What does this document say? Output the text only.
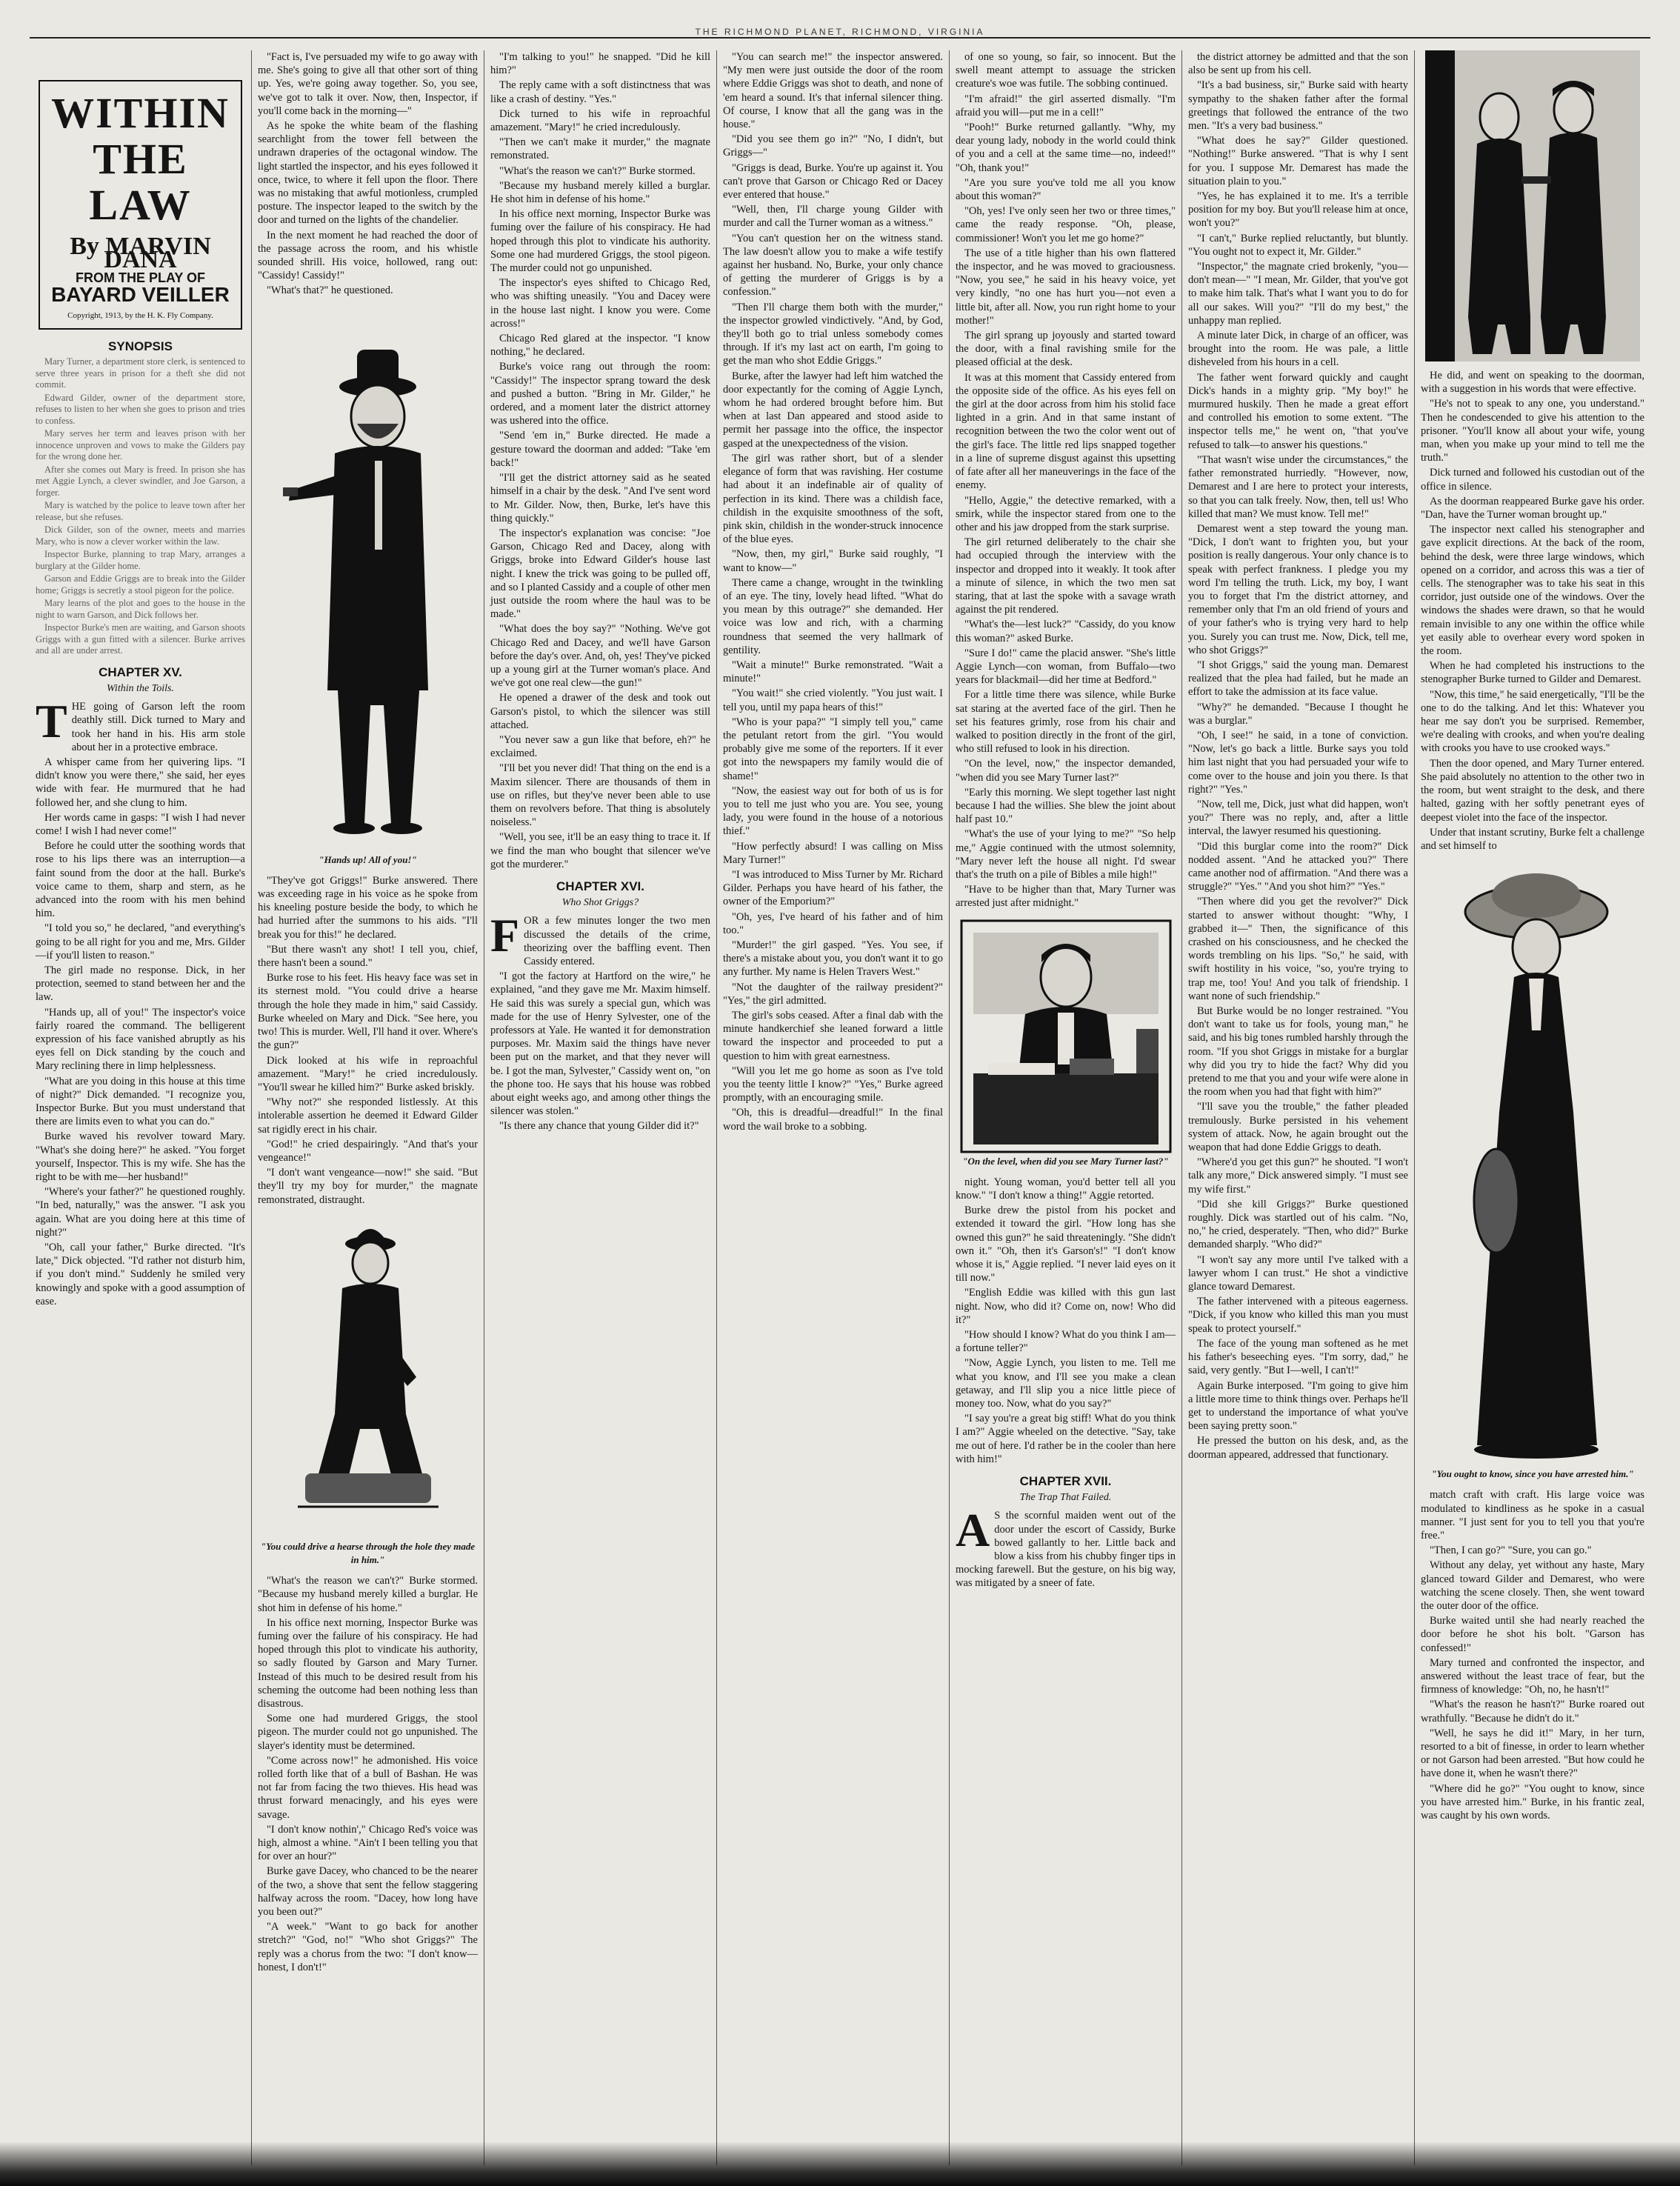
THE RICHMOND PLANET, RICHMOND, VIRGINIA
WITHIN
THE LAW
By MARVIN DANA
FROM THE PLAY OF
BAYARD VEILLER
Copyright, 1913, by the H. K. Fly Company.
SYNOPSIS

Mary Turner, a department store clerk, is sentenced to serve three years in prison for a theft she did not commit.

Edward Gilder, owner of the department store, refuses to listen to her when she goes to prison and tries to confess.

Mary serves her term and leaves prison with her innocence unproven and vows to make the Gilders pay for the wrong done her.

After she comes out Mary is freed. In prison she has met Aggie Lynch, a clever swindler, and Joe Garson, a forger.

Mary is watched by the police to leave town after her release, but she refuses.

Dick Gilder, son of the owner, meets and marries Mary, who is now a clever worker within the law.

Inspector Burke, planning to trap Mary, arranges a burglary at the Gilder home.

Garson and Eddie Griggs are to break into the Gilder home; Griggs is secretly a stool pigeon for the police.

Mary learns of the plot and goes to the house in the night to warn Garson, and Dick follows her.

Inspector Burke's men are waiting, and Garson shoots Griggs with a gun fitted with a silencer. Burke arrives and all are under arrest.

CHAPTER XV.
Within the Toils.
T HE going of Garson left the room deathly still. Dick turned to Mary and took her hand in his. His arm stole about her in a protective embrace.

A whisper came from her quivering lips. "I didn't know you were there," she said, her eyes wide with fear. He murmured that he had followed her, and she clung to him.

Her words came in gasps: "I wish I had never come! I wish I had never come!"

Before he could utter the soothing words that rose to his lips there was an interruption—a faint sound from the door at the hall. Burke's voice came to them, sharp and stern, as he advanced into the room with his men behind him.

"I told you so," he declared, "and everything's going to be all right for you and me, Mrs. Gilder—if you'll listen to reason."

The girl made no response. Dick, in her protection, seemed to stand between her and the law.

"Hands up, all of you!" The inspector's voice fairly roared the command. The belligerent expression of his face vanished abruptly as his eyes fell on Dick standing by the couch and Mary reclining there in limp helplessness.

"What are you doing in this house at this time of night?" Dick demanded. "I recognize you, Inspector Burke. But you must understand that there are limits even to what you can do."

Burke waved his revolver toward Mary. "What's she doing here?" he asked. "You forget yourself, Inspector. This is my wife. She has the right to be with me—her husband!"

"Where's your father?" he questioned roughly. "In bed, naturally," was the answer. "I ask you again. What are you doing here at this time of night?"

"Oh, call your father," Burke directed. "It's late," Dick objected. "I'd rather not disturb him, if you don't mind." Suddenly he smiled very knowingly and spoke with a good assumption of ease.

"Fact is, I've persuaded my wife to go away with me. She's going to give all that other sort of thing up. Yes, we're going away together. So, you see, we've got to talk it over. Now, then, Inspector, if you'll come back in the morning—"

As he spoke the white beam of the flashing searchlight from the tower fell between the undrawn draperies of the octagonal window. The light startled the inspector, and his eyes followed it once, twice, to where it fell upon the floor. There was no mistaking that awful motionless, crumpled posture. The inspector leaped to the switch by the door and turned on the lights of the chandelier.

In the next moment he had reached the door of the passage across the room, and his whistle sounded shrill. His voice, hollowed, rang out: "Cassidy! Cassidy!"

"What's that?" he questioned.

"Hands up! All of you!"

"They've got Griggs!" Burke answered. There was exceeding rage in his voice as he spoke from his kneeling posture beside the body, to which he had hurried after the summons to his aids. "I'll break you for this!" he declared.

"But there wasn't any shot! I tell you, chief, there hasn't been a sound."

Burke rose to his feet. His heavy face was set in its sternest mold. "You could drive a hearse through the hole they made in him," said Cassidy. Burke wheeled on Mary and Dick. "See here, you two! This is murder. Well, I'll hand it over. Where's the gun?"

Dick looked at his wife in reproachful amazement. "Mary!" he cried incredulously. "You'll swear he killed him?" Burke asked briskly.

"Why not?" she responded listlessly. At this intolerable assertion he deemed it Edward Gilder sat rigidly erect in his chair.

"God!" he cried despairingly. "And that's your vengeance!"

"I don't want vengeance—now!" she said. "But they'll try my boy for murder," the magnate remonstrated, distraught.

"You could drive a hearse through the hole they made in him."

"What's the reason we can't?" Burke stormed. "Because my husband merely killed a burglar. He shot him in defense of his home."

In his office next morning, Inspector Burke was fuming over the failure of his conspiracy. He had hoped through this plot to vindicate his authority, so sadly flouted by Garson and Mary Turner. Instead of this much to be desired result from his scheming the outcome had been nothing less than disastrous.

Some one had murdered Griggs, the stool pigeon. The murder could not go unpunished. The slayer's identity must be determined.

"Come across now!" he admonished. His voice rolled forth like that of a bull of Bashan. He was not far from facing the two thieves. His head was thrust forward menacingly, and his eyes were savage.

"I don't know nothin'," Chicago Red's voice was high, almost a whine. "Ain't I been telling you that for over an hour?"

Burke gave Dacey, who chanced to be the nearer of the two, a shove that sent the fellow staggering halfway across the room. "Dacey, how long have you been out?"

"A week." "Want to go back for another stretch?" "God, no!" "Who shot Griggs?" The reply was a chorus from the two: "I don't know—honest, I don't!"

"I'm talking to you!" he snapped. "Did he kill him?"

The reply came with a soft distinctness that was like a crash of destiny. "Yes."

Dick turned to his wife in reproachful amazement. "Mary!" he cried incredulously.

"Then we can't make it murder," the magnate remonstrated.

"What's the reason we can't?" Burke stormed.

"Because my husband merely killed a burglar. He shot him in defense of his home."

In his office next morning, Inspector Burke was fuming over the failure of his conspiracy. He had hoped through this plot to vindicate his authority. Some one had murdered Griggs, the stool pigeon. The murder could not go unpunished.

The inspector's eyes shifted to Chicago Red, who was shifting uneasily. "You and Dacey were in the house last night. I know you were. Come across!"

Chicago Red glared at the inspector. "I know nothing," he declared.

Burke's voice rang out through the room: "Cassidy!" The inspector sprang toward the desk and pushed a button. "Bring in Mr. Gilder," he ordered, and a moment later the district attorney was ushered into the office.

"Send 'em in," Burke directed. He made a gesture toward the doorman and added: "Take 'em back!"

"I'll get the district attorney said as he seated himself in a chair by the desk. "And I've sent word to Mr. Gilder. Now, then, Burke, let's have this thing quickly."

The inspector's explanation was concise: "Joe Garson, Chicago Red and Dacey, along with Griggs, broke into Edward Gilder's house last night. I knew the trick was going to be pulled off, and so I planted Cassidy and a couple of other men just outside the room where the haul was to be made."

"What does the boy say?" "Nothing. We've got Chicago Red and Dacey, and we'll have Garson before the day's over. And, oh, yes! They've picked up a young girl at the Turner woman's place. And we've got one real clew—the gun!"

He opened a drawer of the desk and took out Garson's pistol, to which the silencer was still attached.

"You never saw a gun like that before, eh?" he exclaimed.

"I'll bet you never did! That thing on the end is a Maxim silencer. There are thousands of them in use on rifles, but they've never been able to use them on revolvers before. That thing is absolutely noiseless."

"Well, you see, it'll be an easy thing to trace it. If we find the man who bought that silencer we've got the murderer."

CHAPTER XVI.
Who Shot Griggs?
F OR a few minutes longer the two men discussed the details of the crime, theorizing over the baffling event. Then Cassidy entered.

"I got the factory at Hartford on the wire," he explained, "and they gave me Mr. Maxim himself. He said this was surely a special gun, which was made for the use of Henry Sylvester, one of the professors at Yale. He wanted it for demonstration purposes. Mr. Maxim said the things have never been put on the market, and that they never will be. I got the man, Sylvester," Cassidy went on, "on the phone too. He says that his house was robbed about eight weeks ago, and among other things the silencer was stolen."

"Is there any chance that young Gilder did it?"

"You can search me!" the inspector answered. "My men were just outside the door of the room where Eddie Griggs was shot to death, and none of 'em heard a sound. It's that infernal silencer thing. Of course, I know that all the gang was in the house."

"Did you see them go in?" "No, I didn't, but Griggs—"

"Griggs is dead, Burke. You're up against it. You can't prove that Garson or Chicago Red or Dacey ever entered that house."

"Well, then, I'll charge young Gilder with murder and call the Turner woman as a witness."

"You can't question her on the witness stand. The law doesn't allow you to make a wife testify against her husband. No, Burke, your only chance of getting the murderer of Griggs is by a confession."

"Then I'll charge them both with the murder," the inspector growled vindictively. "And, by God, they'll both go to trial unless somebody comes through. If it's my last act on earth, I'm going to get the man who shot Eddie Griggs."

Burke, after the lawyer had left him watched the door expectantly for the coming of Aggie Lynch, whom he had ordered brought before him. But when at last Dan appeared and stood aside to permit her passage into the office, the inspector gasped at the unexpectedness of the vision.

The girl was rather short, but of a slender elegance of form that was ravishing. Her costume had about it an indefinable air of quality of perfection in its kind. There was a childish face, childish in the exquisite smoothness of the soft, pink skin, childish in the wonder-struck innocence of the blue eyes.

"Now, then, my girl," Burke said roughly, "I want to know—"

There came a change, wrought in the twinkling of an eye. The tiny, lovely head lifted. "What do you mean by this outrage?" she demanded. Her voice was low and rich, with a charming roundness that seemed the very hallmark of gentility.

"Wait a minute!" Burke remonstrated. "Wait a minute!"

"You wait!" she cried violently. "You just wait. I tell you, until my papa hears of this!"

"Who is your papa?" "I simply tell you," came the petulant retort from the girl. "You would probably give me some of the reporters. If it ever got into the newspapers my family would die of shame!"

"Now, the easiest way out for both of us is for you to tell me just who you are. You see, young lady, you were found in the house of a notorious thief."

"How perfectly absurd! I was calling on Miss Mary Turner!"

"I was introduced to Miss Turner by Mr. Richard Gilder. Perhaps you have heard of his father, the owner of the Emporium?"

"Oh, yes, I've heard of his father and of him too."

"Murder!" the girl gasped. "Yes. You see, if there's a mistake about you, you don't want it to go any further. My name is Helen Travers West."

"Not the daughter of the railway president?" "Yes," the girl admitted.

The girl's sobs ceased. After a final dab with the minute handkerchief she leaned forward a little toward the inspector and proceeded to put a question to him with great earnestness.

"Will you let me go home as soon as I've told you the teenty little I know?" "Yes," Burke agreed promptly, with an encouraging smile.

"Oh, this is dreadful—dreadful!" In the final word the wail broke to a sobbing.

of one so young, so fair, so innocent. But the swell meant attempt to assuage the stricken creature's woe was futile. The sobbing continued.

"I'm afraid!" the girl asserted dismally. "I'm afraid you will—put me in a cell!"

"Pooh!" Burke returned gallantly. "Why, my dear young lady, nobody in the world could think of you and a cell at the same time—no, indeed!" "Oh, thank you!"

"Are you sure you've told me all you know about this woman?"

"Oh, yes! I've only seen her two or three times," came the ready response. "Oh, please, commissioner! Won't you let me go home?"

The use of a title higher than his own flattered the inspector, and he was moved to graciousness. "Now, you see," he said in his heavy voice, yet very kindly, "no one has hurt you—not even a little bit, after all. Now, you run right home to your mother!"

The girl sprang up joyously and started toward the door, with a final ravishing smile for the pleased official at the desk.

It was at this moment that Cassidy entered from the opposite side of the office. As his eyes fell on the girl at the door across from him his stolid face lighted in a grin. And in that same instant of recognition between the two the color went out of the girl's face. The little red lips snapped together in a line of supreme disgust against this upsetting of fate after all her maneuverings in the face of the enemy.

"Hello, Aggie," the detective remarked, with a smirk, while the inspector stared from one to the other and his jaw dropped from the stark surprise.

The girl returned deliberately to the chair she had occupied through the interview with the inspector and dropped into it weakly. It took after a minute of silence, in which the two men sat staring, that at last the spoke with a savage wrath against the pit rendered.

"What's the—lest luck?" "Cassidy, do you know this woman?" asked Burke.

"Sure I do!" came the placid answer. "She's little Aggie Lynch—con woman, from Buffalo—two years for blackmail—did her time at Bedford."

For a little time there was silence, while Burke sat staring at the averted face of the girl. Then he set his features grimly, rose from his chair and walked to position directly in the front of the girl, who still refused to look in his direction.

"On the level, now," the inspector demanded, "when did you see Mary Turner last?"

"Early this morning. We slept together last night because I had the willies. She blew the joint about half past 10."

"What's the use of your lying to me?" "So help me," Aggie continued with the utmost solemnity, "Mary never left the house all night. I'd swear that's the truth on a pile of Bibles a mile high!"

"Have to be higher than that, Mary Turner was arrested just after midnight."

"On the level, when did you see Mary Turner last?"

night. Young woman, you'd better tell all you know." "I don't know a thing!" Aggie retorted.

Burke drew the pistol from his pocket and extended it toward the girl. "How long has she owned this gun?" he said threateningly. "She didn't own it." "Oh, then it's Garson's!" "I don't know whose it is," Aggie replied. "I never laid eyes on it till now."

"English Eddie was killed with this gun last night. Now, who did it? Come on, now! Who did it?"

"How should I know? What do you think I am—a fortune teller?"

"Now, Aggie Lynch, you listen to me. Tell me what you know, and I'll see you make a clean getaway, and I'll slip you a nice little piece of money too. Now, what do you say?"

"I say you're a great big stiff! What do you think I am?" Aggie wheeled on the detective. "Say, take me out of here. I'd rather be in the cooler than here with him!"

CHAPTER XVII.
The Trap That Failed.
A S the scornful maiden went out of the door under the escort of Cassidy, Burke bowed gallantly to her. Little back and blow a kiss from his chubby finger tips in mocking farewell. But the gesture, on his big way, was mitigated by a sneer of fate.

the district attorney be admitted and that the son also be sent up from his cell.

"It's a bad business, sir," Burke said with hearty sympathy to the shaken father after the formal greetings that followed the entrance of the two men. "It's a very bad business."

"What does he say?" Gilder questioned. "Nothing!" Burke answered. "That is why I sent for you. I suppose Mr. Demarest has made the situation plain to you."

"Yes, he has explained it to me. It's a terrible position for my boy. But you'll release him at once, won't you?"

"I can't," Burke replied reluctantly, but bluntly. "You ought not to expect it, Mr. Gilder."

"Inspector," the magnate cried brokenly, "you—don't mean—" "I mean, Mr. Gilder, that you've got to make him talk. That's what I want you to do for all our sakes. Will you?" "I'll do my best," the unhappy man replied.

A minute later Dick, in charge of an officer, was brought into the room. He was pale, a little disheveled from his hours in a cell.

The father went forward quickly and caught Dick's hands in a mighty grip. "My boy!" he murmured huskily. Then he made a great effort and controlled his emotion to some extent. "The inspector tells me," he went on, "that you've refused to talk—to answer his questions."

"That wasn't wise under the circumstances," the father remonstrated hurriedly. "However, now, Demarest and I are here to protect your interests, so that you can talk freely. Now, then, tell us! Who killed that man? We must know. Tell me!"

Demarest went a step toward the young man. "Dick, I don't want to frighten you, but your position is really dangerous. Your only chance is to speak with perfect frankness. I pledge you my word I'm telling the truth. Lick, my boy, I want you to forget that I'm the district attorney, and remember only that I'm an old friend of yours and of your father's who is trying very hard to help you. Surely you can trust me. Now, Dick, tell me, who shot Griggs?"

"I shot Griggs," said the young man. Demarest realized that the plea had failed, but he made an effort to take the admission at its face value.

"Why?" he demanded. "Because I thought he was a burglar."

"Oh, I see!" he said, in a tone of conviction. "Now, let's go back a little. Burke says you told him last night that you had persuaded your wife to come over to the house and join you there. Is that right?" "Yes."

"Now, tell me, Dick, just what did happen, won't you?" There was no reply, and, after a little interval, the lawyer resumed his questioning.

"Did this burglar come into the room?" Dick nodded assent. "And he attacked you?" There came another nod of affirmation. "And there was a struggle?" "Yes." "And you shot him?" "Yes."

"Then where did you get the revolver?" Dick started to answer without thought: "Why, I grabbed it—" Then, the significance of this crashed on his consciousness, and he checked the words trembling on his lips. "So," he said, with swift hostility in his voice, "so, you're trying to trap me, too! You! And you talk of friendship. I want none of such friendship."

But Burke would be no longer restrained. "You don't want to take us for fools, young man," he said, and his big tones rumbled harshly through the room. "If you shot Griggs in mistake for a burglar why did you try to hide the fact? Why did you pretend to me that you and your wife were alone in the room when you had that fight with him?"

"I'll save you the trouble," the father pleaded tremulously. Burke persisted in his vehement system of attack. Now, he again brought out the weapon that had done Eddie Griggs to death.

"Where'd you get this gun?" he shouted. "I won't talk any more," Dick answered simply. "I must see my wife first."

"Did she kill Griggs?" Burke questioned roughly. Dick was startled out of his calm. "No, no," he cried, desperately. "Then, who did?" Burke demanded sharply. "Who did?"

"I won't say any more until I've talked with a lawyer whom I can trust." He shot a vindictive glance toward Demarest.

The father intervened with a piteous eagerness. "Dick, if you know who killed this man you must speak to protect yourself."

The face of the young man softened as he met his father's beseeching eyes. "I'm sorry, dad," he said, very gently. "But I—well, I can't!"

Again Burke interposed. "I'm going to give him a little more time to think things over. Perhaps he'll get to understand the importance of what you've been saying pretty soon."

He pressed the button on his desk, and, as the doorman appeared, addressed that functionary.

He did, and went on speaking to the doorman, with a suggestion in his words that were effective.

"He's not to speak to any one, you understand." Then he condescended to give his attention to the prisoner. "You'll know all about your wife, young man, when you make up your mind to tell me the truth."

Dick turned and followed his custodian out of the office in silence.

As the doorman reappeared Burke gave his order. "Dan, have the Turner woman brought up."

The inspector next called his stenographer and gave explicit directions. At the back of the room, behind the desk, were three large windows, which opened on a corridor, and across this was a tier of cells. The stenographer was to take his seat in this corridor, just outside one of the windows. Over the windows the shades were drawn, so that he would remain invisible to any one within the office while yet easily able to overhear every word spoken in the room.

When he had completed his instructions to the stenographer Burke turned to Gilder and Demarest.

"Now, this time," he said energetically, "I'll be the one to do the talking. And let this: Whatever you hear me say don't you be surprised. Remember, we're dealing with crooks, and when you're dealing with crooks you have to use crooked ways."

Then the door opened, and Mary Turner entered. She paid absolutely no attention to the other two in the room, but went straight to the desk, and there halted, gazing with her softly penetrant eyes of deepest violet into the face of the inspector.

Under that instant scrutiny, Burke felt a challenge and set himself to

"You ought to know, since you have arrested him."

match craft with craft. His large voice was modulated to kindliness as he spoke in a casual manner. "I just sent for you to tell you that you're free."

"Then, I can go?" "Sure, you can go."

Without any delay, yet without any haste, Mary glanced toward Gilder and Demarest, who were watching the scene closely. Then, she went toward the outer door of the office.

Burke waited until she had nearly reached the door before he shot his bolt. "Garson has confessed!"

Mary turned and confronted the inspector, and answered without the least trace of fear, but the firmness of knowledge: "Oh, no, he hasn't!"

"What's the reason he hasn't?" Burke roared out wrathfully. "Because he didn't do it."

"Well, he says he did it!" Mary, in her turn, resorted to a bit of finesse, in order to learn whether or not Garson had been arrested. "But how could he have done it, when he wasn't there?"

"Where did he go?" "You ought to know, since you have arrested him." Burke, in his frantic zeal, was caught by his own words.
